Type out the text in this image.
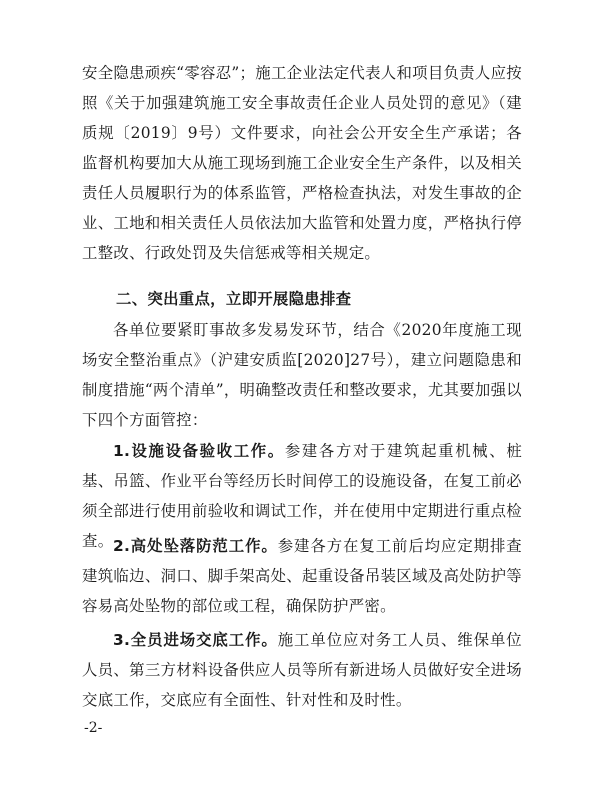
安全隐患顽疾“零容忍”；施工企业法定代表人和项目负责人应按照《关于加强建筑施工安全事故责任企业人员处罚的意见》（建质规〔2019〕9号）文件要求，向社会公开安全生产承诺；各监督机构要加大从施工现场到施工企业安全生产条件，以及相关责任人员履职行为的体系监管，严格检查执法，对发生事故的企业、工地和相关责任人员依法加大监管和处置力度，严格执行停工整改、行政处罚及失信惩戒等相关规定。

二、突出重点，立即开展隐患排查

各单位要紧盯事故多发易发环节，结合《2020年度施工现场安全整治重点》（沪建安质监[2020]27号），建立问题隐患和制度措施“两个清单”，明确整改责任和整改要求，尤其要加强以下四个方面管控：

1.设施设备验收工作。参建各方对于建筑起重机械、桩基、吊篮、作业平台等经历长时间停工的设施设备，在复工前必须全部进行使用前验收和调试工作，并在使用中定期进行重点检查。 2.高处坠落防范工作。参建各方在复工前后均应定期排查建筑临边、洞口、脚手架高处、起重设备吊装区域及高处防护等容易高处坠物的部位或工程，确保防护严密。

3.全员进场交底工作。施工单位应对务工人员、维保单位人员、第三方材料设备供应人员等所有新进场人员做好安全进场交底工作，交底应有全面性、针对性和及时性。

-2-
